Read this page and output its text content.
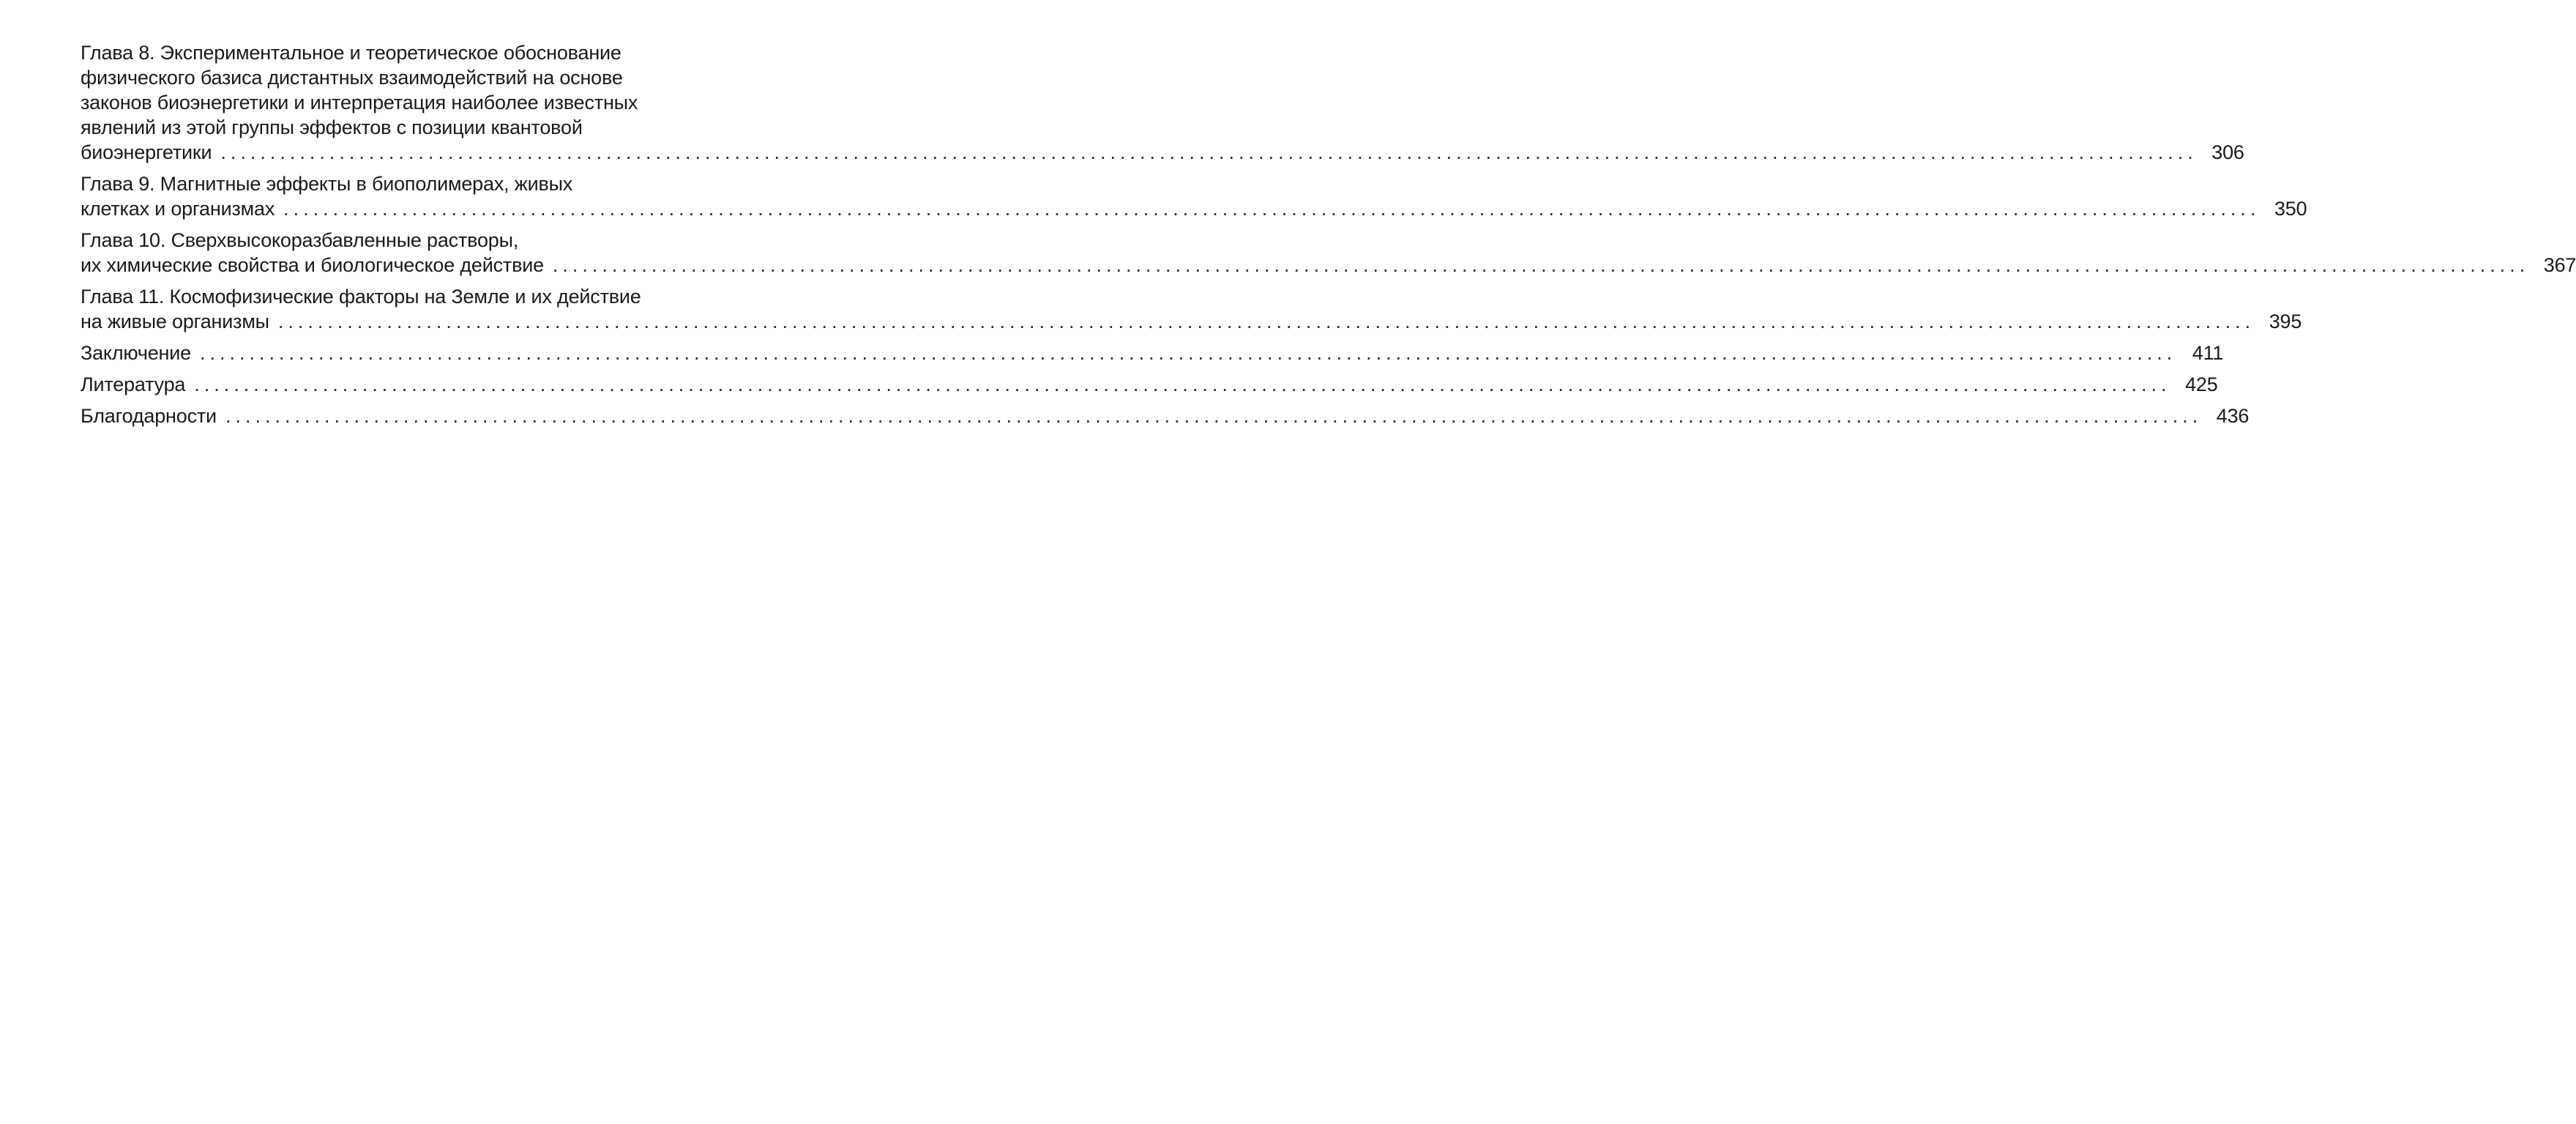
Глава 8. Экспериментальное и теоретическое обоснование
физического базиса дистантных взаимодействий на основе
законов биоэнергетики и интерпретация наиболее известных
явлений из этой группы эффектов с позиции квантовой
биоэнергетики ........................................................................................................................................................................................................ 306
Глава 9. Магнитные эффекты в биополимерах, живых
клетках и организмах ........................................................................................................................................................................................................ 350
Глава 10. Сверхвысокоразбавленные растворы,
их химические свойства и биологическое действие ........................................................................................................................................................................................................ 367
Глава 11. Космофизические факторы на Земле и их действие
на живые организмы ........................................................................................................................................................................................................ 395
Заключение ........................................................................................................................................................................................................ 411
Литература ........................................................................................................................................................................................................ 425
Благодарности ........................................................................................................................................................................................................ 436
